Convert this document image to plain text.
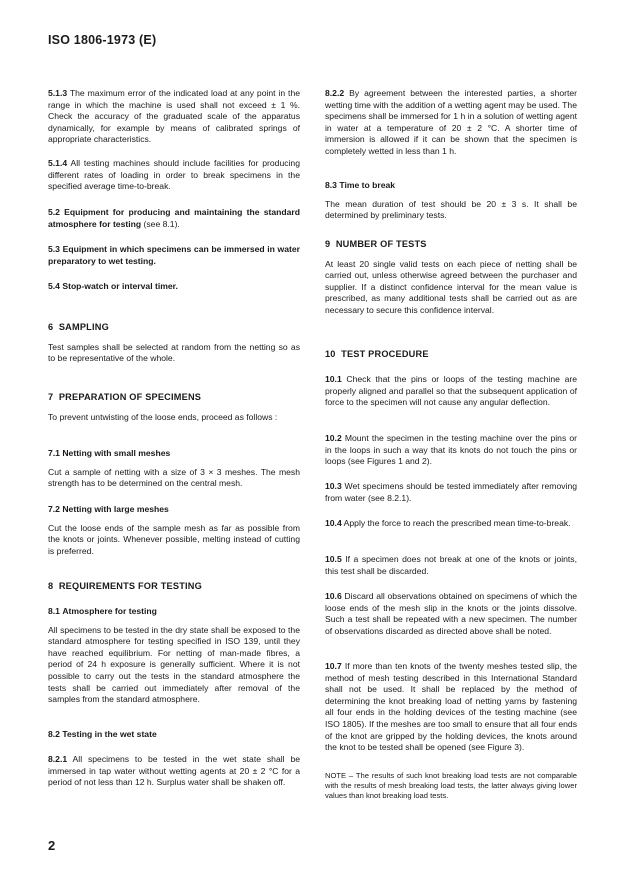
ISO 1806-1973 (E)

5.1.3 The maximum error of the indicated load at any point in the range in which the machine is used shall not exceed ± 1 %. Check the accuracy of the graduated scale of the apparatus dynamically, for example by means of calibrated springs of appropriate characteristics.

5.1.4 All testing machines should include facilities for producing different rates of loading in order to break specimens in the specified average time-to-break.

5.2 Equipment for producing and maintaining the standard atmosphere for testing (see 8.1).

5.3 Equipment in which specimens can be immersed in water preparatory to wet testing.

5.4 Stop-watch or interval timer.

6 SAMPLING

Test samples shall be selected at random from the netting so as to be representative of the whole.

7 PREPARATION OF SPECIMENS

To prevent untwisting of the loose ends, proceed as follows :

7.1 Netting with small meshes

Cut a sample of netting with a size of 3 × 3 meshes. The mesh strength has to be determined on the central mesh.

7.2 Netting with large meshes

Cut the loose ends of the sample mesh as far as possible from the knots or joints. Whenever possible, melting instead of cutting is preferred.

8 REQUIREMENTS FOR TESTING

8.1 Atmosphere for testing

All specimens to be tested in the dry state shall be exposed to the standard atmosphere for testing specified in ISO 139, until they have reached equilibrium. For netting of man-made fibres, a period of 24 h exposure is generally sufficient. Where it is not possible to carry out the tests in the standard atmosphere the tests shall be carried out immediately after removal of the samples from the standard atmosphere.

8.2 Testing in the wet state

8.2.1 All specimens to be tested in the wet state shall be immersed in tap water without wetting agents at 20 ± 2 °C for a period of not less than 12 h. Surplus water shall be shaken off.

8.2.2 By agreement between the interested parties, a shorter wetting time with the addition of a wetting agent may be used. The specimens shall be immersed for 1 h in a solution of wetting agent in water at a temperature of 20 ± 2 °C. A shorter time of immersion is allowed if it can be shown that the specimen is completely wetted in less than 1 h.

8.3 Time to break

The mean duration of test should be 20 ± 3 s. It shall be determined by preliminary tests.

9 NUMBER OF TESTS

At least 20 single valid tests on each piece of netting shall be carried out, unless otherwise agreed between the purchaser and supplier. If a distinct confidence interval for the mean value is prescribed, as many additional tests shall be carried out as are necessary to secure this confidence interval.

10 TEST PROCEDURE

10.1 Check that the pins or loops of the testing machine are properly aligned and parallel so that the subsequent application of force to the specimen will not cause any angular deflection.

10.2 Mount the specimen in the testing machine over the pins or in the loops in such a way that its knots do not touch the pins or loops (see Figures 1 and 2).

10.3 Wet specimens should be tested immediately after removing from water (see 8.2.1).

10.4 Apply the force to reach the prescribed mean time-to-break.

10.5 If a specimen does not break at one of the knots or joints, this test shall be discarded.

10.6 Discard all observations obtained on specimens of which the loose ends of the mesh slip in the knots or the joints dissolve. Such a test shall be repeated with a new specimen. The number of observations discarded as directed above shall be noted.

10.7 If more than ten knots of the twenty meshes tested slip, the method of mesh testing described in this International Standard shall not be used. It shall be replaced by the method of determining the knot breaking load of netting yarns by fastening all four ends in the holding devices of the testing machine (see ISO 1805). If the meshes are too small to ensure that all four ends of the knot are gripped by the holding devices, the knots around the knot to be tested shall be opened (see Figure 3).

NOTE – The results of such knot breaking load tests are not comparable with the results of mesh breaking load tests, the latter always giving lower values than knot breaking load tests.

2
